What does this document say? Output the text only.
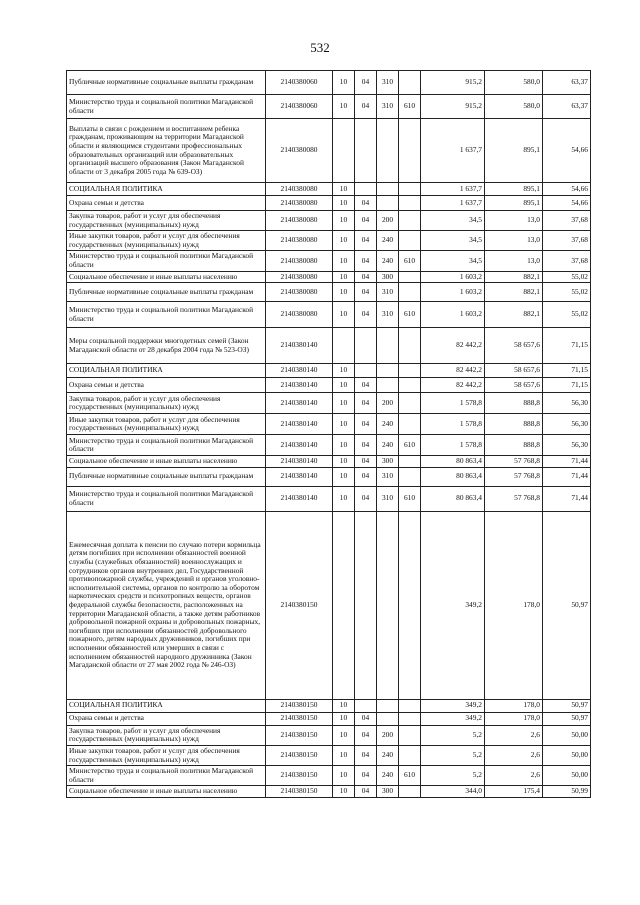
532
Публичные нормативные социальные выплаты гражданам	2140380060	10	04	310		915,2	580,0	63,37
Министерство труда и социальной политики Магаданской области	2140380060	10	04	310	610	915,2	580,0	63,37
Выплаты в связи с рождением и воспитанием ребенка гражданам, проживающим на территории Магаданской области и являющимся студентами профессиональных образовательных организаций или образовательных организаций высшего образования (Закон Магаданской области от 3 декабря 2005 года № 639-ОЗ)	2140380080					1 637,7	895,1	54,66
СОЦИАЛЬНАЯ ПОЛИТИКА	2140380080	10				1 637,7	895,1	54,66
Охрана семьи и детства	2140380080	10	04			1 637,7	895,1	54,66
Закупка товаров, работ и услуг для обеспечения государственных (муниципальных) нужд	2140380080	10	04	200		34,5	13,0	37,68
Иные закупки товаров, работ и услуг для обеспечения государственных (муниципальных) нужд	2140380080	10	04	240		34,5	13,0	37,68
Министерство труда и социальной политики Магаданской области	2140380080	10	04	240	610	34,5	13,0	37,68
Социальное обеспечение и иные выплаты населению	2140380080	10	04	300		1 603,2	882,1	55,02
Публичные нормативные социальные выплаты гражданам	2140380080	10	04	310		1 603,2	882,1	55,02
Министерство труда и социальной политики Магаданской области	2140380080	10	04	310	610	1 603,2	882,1	55,02
Меры социальной поддержки многодетных семей (Закон Магаданской области от 28 декабря 2004 года № 523-ОЗ)	2140380140					82 442,2	58 657,6	71,15
СОЦИАЛЬНАЯ ПОЛИТИКА	2140380140	10				82 442,2	58 657,6	71,15
Охрана семьи и детства	2140380140	10	04			82 442,2	58 657,6	71,15
Закупка товаров, работ и услуг для обеспечения государственных (муниципальных) нужд	2140380140	10	04	200		1 578,8	888,8	56,30
Иные закупки товаров, работ и услуг для обеспечения государственных (муниципальных) нужд	2140380140	10	04	240		1 578,8	888,8	56,30
Министерство труда и социальной политики Магаданской области	2140380140	10	04	240	610	1 578,8	888,8	56,30
Социальное обеспечение и иные выплаты населению	2140380140	10	04	300		80 863,4	57 768,8	71,44
Публичные нормативные социальные выплаты гражданам	2140380140	10	04	310		80 863,4	57 768,8	71,44
Министерство труда и социальной политики Магаданской области	2140380140	10	04	310	610	80 863,4	57 768,8	71,44
Ежемесячная доплата к пенсии по случаю потери кормильца детям погибших при исполнении обязанностей военной службы (служебных обязанностей) военнослужащих и сотрудников органов внутренних дел, Государственной противопожарной службы, учреждений и органов уголовно-исполнительной системы, органов по контролю за оборотом наркотических средств и психотропных веществ, органов федеральной службы безопасности, расположенных на территории Магаданской области, а также детям работников добровольной пожарной охраны и добровольных пожарных, погибших при исполнении обязанностей добровольного пожарного, детям народных дружинников, погибших при исполнении обязанностей или умерших в связи с исполнением обязанностей народного дружинника (Закон Магаданской области от 27 мая 2002 года № 246-ОЗ)	2140380150					349,2	178,0	50,97
СОЦИАЛЬНАЯ ПОЛИТИКА	2140380150	10				349,2	178,0	50,97
Охрана семьи и детства	2140380150	10	04			349,2	178,0	50,97
Закупка товаров, работ и услуг для обеспечения государственных (муниципальных) нужд	2140380150	10	04	200		5,2	2,6	50,00
Иные закупки товаров, работ и услуг для обеспечения государственных (муниципальных) нужд	2140380150	10	04	240		5,2	2,6	50,00
Министерство труда и социальной политики Магаданской области	2140380150	10	04	240	610	5,2	2,6	50,00
Социальное обеспечение и иные выплаты населению	2140380150	10	04	300		344,0	175,4	50,99
